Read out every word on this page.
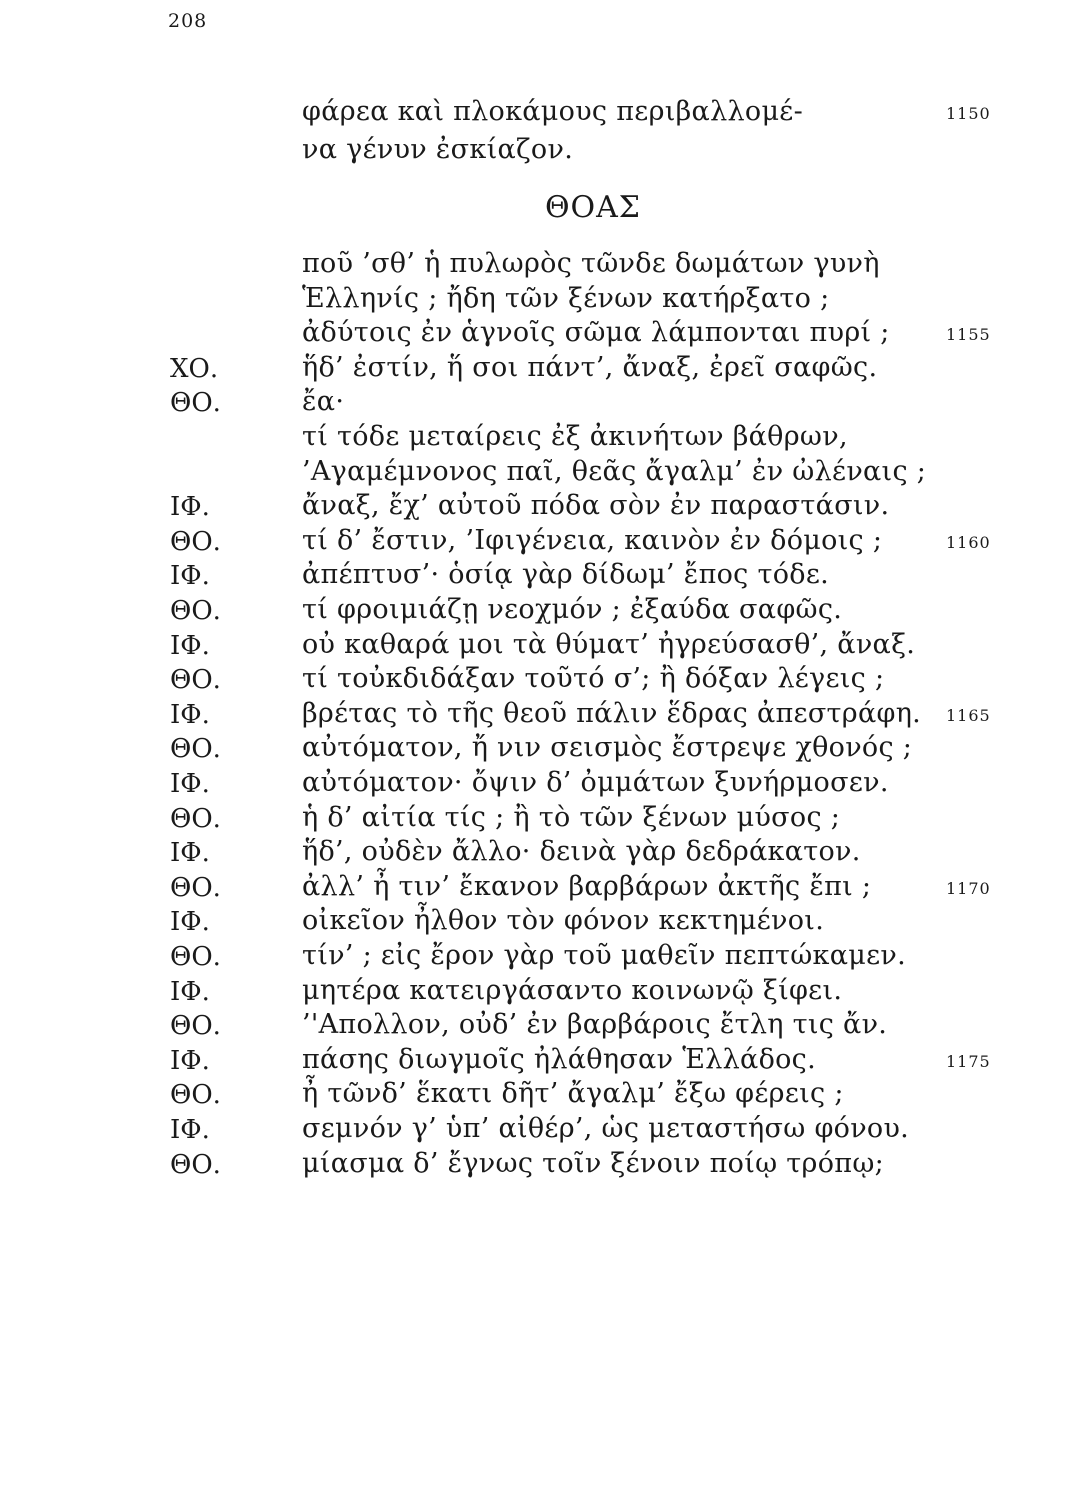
208
φάρεα καὶ πλοκάμους περιβαλλομέ-	1150
να γένυν ἐσκίαζον.
ΘΟΑΣ
ποῦ ’σθ’ ἡ πυλωρὸς τῶνδε δωμάτων γυνὴ
Ἑλληνίς ; ἤδη τῶν ξένων κατήρξατο ;
ἀδύτοις ἐν ἁγνοῖς σῶμα λάμπονται πυρί ;	1155
ΧΟ.	ἥδ’ ἐστίν, ἥ σοι πάντ’, ἄναξ, ἐρεῖ σαφῶς.
ΘΟ.	ἔα·
τί τόδε μεταίρεις ἐξ ἀκινήτων βάθρων,
’Αγαμέμνονος παῖ, θεᾶς ἄγαλμ’ ἐν ὠλέναις ;
ΙΦ.	ἄναξ, ἔχ’ αὐτοῦ πόδα σὸν ἐν παραστάσιν.
ΘΟ.	τί δ’ ἔστιν, ’Ιφιγένεια, καινὸν ἐν δόμοις ;	1160
ΙΦ.	ἀπέπτυσ’· ὁσίᾳ γὰρ δίδωμ’ ἔπος τόδε.
ΘΟ.	τί φροιμιάζῃ νεοχμόν ; ἐξαύδα σαφῶς.
ΙΦ.	οὐ καθαρά μοι τὰ θύματ’ ἠγρεύσασθ’, ἄναξ.
ΘΟ.	τί τοὐκδιδάξαν τοῦτό σ’; ἢ δόξαν λέγεις ;
ΙΦ.	βρέτας τὸ τῆς θεοῦ πάλιν ἕδρας ἀπεστράφη. 1165
ΘΟ.	αὐτόματον, ἤ νιν σεισμὸς ἔστρεψε χθονός ;
ΙΦ.	αὐτόματον· ὄψιν δ’ ὀμμάτων ξυνήρμοσεν.
ΘΟ.	ἡ δ’ αἰτία τίς ; ἢ τὸ τῶν ξένων μύσος ;
ΙΦ.	ἥδ’, οὐδὲν ἄλλο· δεινὰ γὰρ δεδράκατον.
ΘΟ.	ἀλλ’ ἦ τιν’ ἔκανον βαρβάρων ἀκτῆς ἔπι ;	1170
ΙΦ.	οἰκεῖον ἦλθον τὸν φόνον κεκτημένοι.
ΘΟ.	τίν’ ; εἰς ἔρον γὰρ τοῦ μαθεῖν πεπτώκαμεν.
ΙΦ.	μητέρα κατειργάσαντο κοινωνῷ ξίφει.
ΘΟ.	’'Απολλον, οὐδ’ ἐν βαρβάροις ἔτλη τις ἄν.
ΙΦ.	πάσης διωγμοῖς ἠλάθησαν Ἑλλάδος.	1175
ΘΟ.	ἦ τῶνδ’ ἕκατι δῆτ’ ἄγαλμ’ ἔξω φέρεις ;
ΙΦ.	σεμνόν γ’ ὑπ’ αἰθέρ’, ὡς μεταστήσω φόνου.
ΘΟ.	μίασμα δ’ ἔγνως τοῖν ξένοιν ποίῳ τρόπῳ;
